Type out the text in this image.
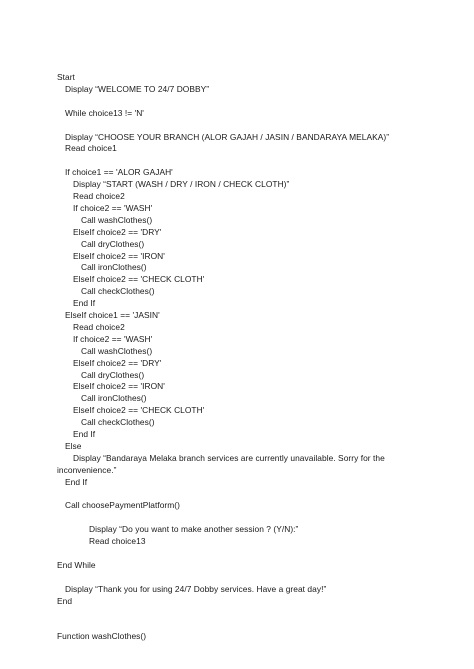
Start
Display “WELCOME TO 24/7 DOBBY”
While choice13 != 'N'
Display “CHOOSE YOUR BRANCH (ALOR GAJAH / JASIN / BANDARAYA MELAKA)”
Read choice1
If choice1 == 'ALOR GAJAH'
Display “START (WASH / DRY / IRON / CHECK CLOTH)”
Read choice2
If choice2 == 'WASH'
Call washClothes()
ElseIf choice2 == 'DRY'
Call dryClothes()
ElseIf choice2 == 'IRON'
Call ironClothes()
ElseIf choice2 == 'CHECK CLOTH'
Call checkClothes()
End If
ElseIf choice1 == 'JASIN'
Read choice2
If choice2 == 'WASH'
Call washClothes()
ElseIf choice2 == 'DRY'
Call dryClothes()
ElseIf choice2 == 'IRON'
Call ironClothes()
ElseIf choice2 == 'CHECK CLOTH'
Call checkClothes()
End If
Else
Display “Bandaraya Melaka branch services are currently unavailable. Sorry for the
inconvenience.”
End If
Call choosePaymentPlatform()
Display “Do you want to make another session ? (Y/N):”
Read choice13
End While
Display “Thank you for using 24/7 Dobby services. Have a great day!”
End
Function washClothes()
